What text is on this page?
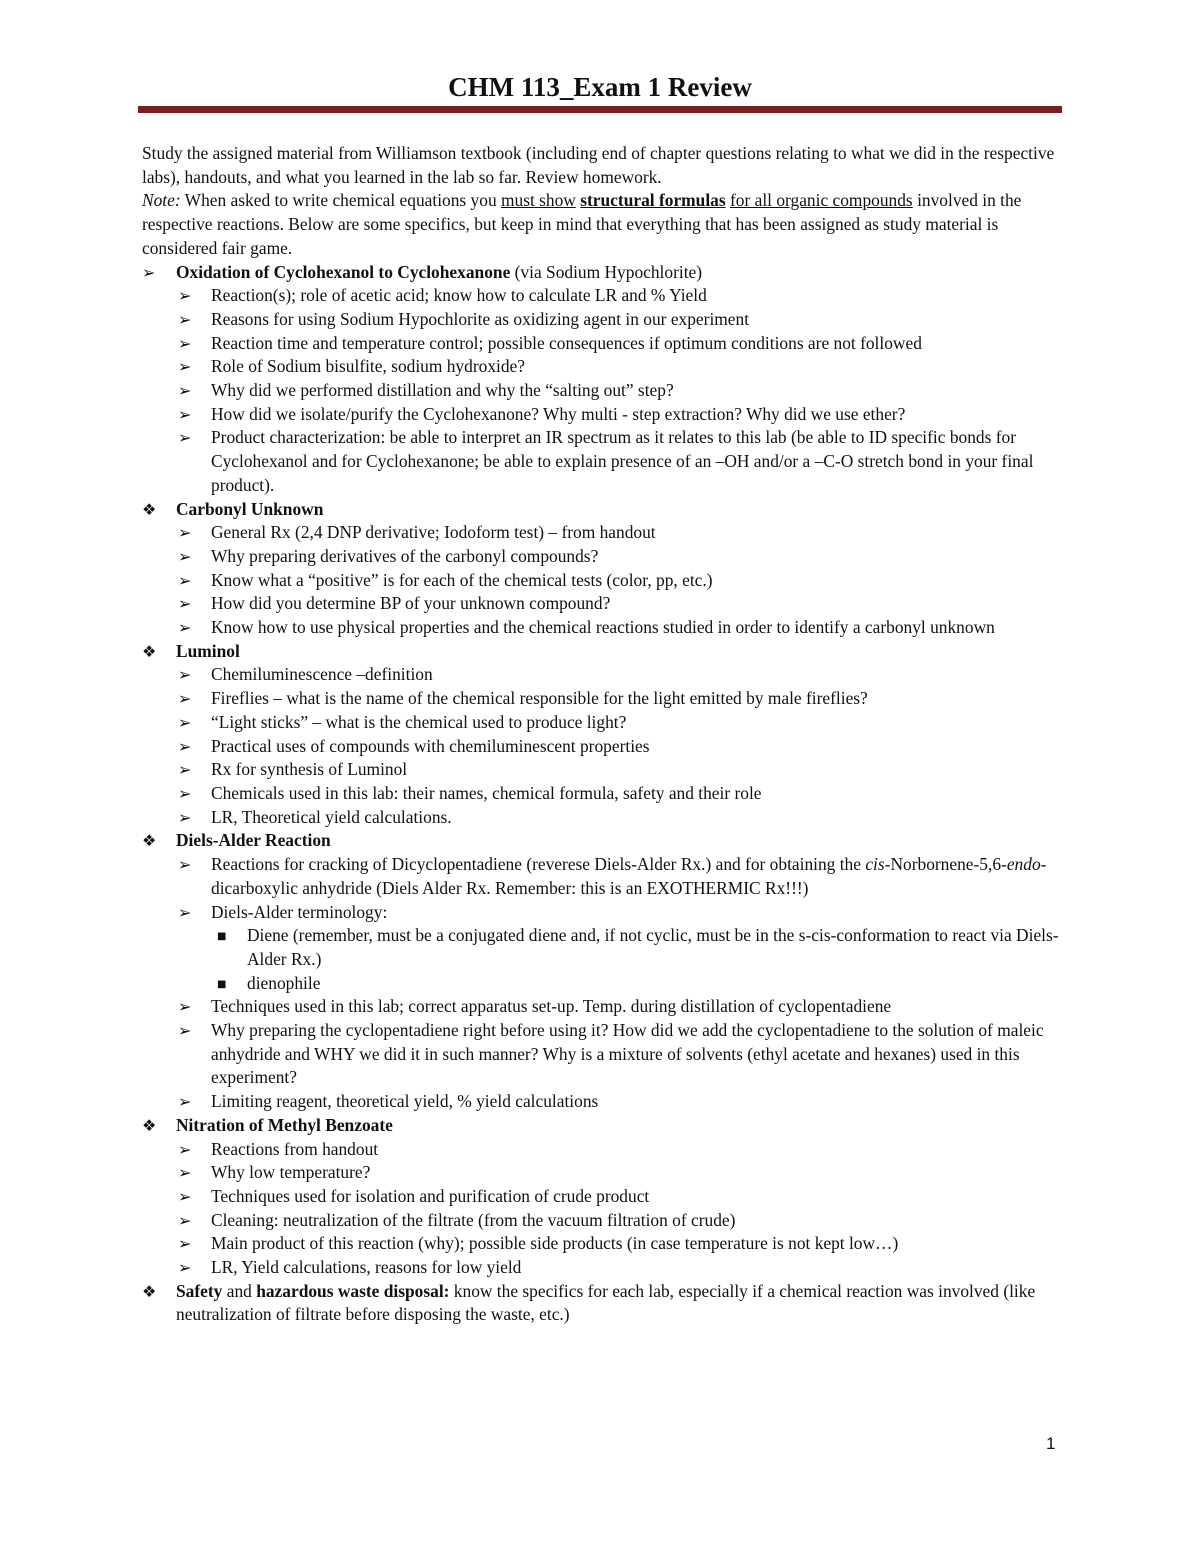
CHM 113_Exam 1 Review

Study the assigned material from Williamson textbook (including end of chapter questions relating to what we did in the respective labs), handouts, and what you learned in the lab so far. Review homework.
Note: When asked to write chemical equations you must show structural formulas for all organic compounds involved in the respective reactions. Below are some specifics, but keep in mind that everything that has been assigned as study material is considered fair game.

➢	Oxidation of Cyclohexanol to Cyclohexanone (via Sodium Hypochlorite)
➢	Reaction(s); role of acetic acid; know how to calculate LR and % Yield
➢	Reasons for using Sodium Hypochlorite as oxidizing agent in our experiment
➢	Reaction time and temperature control; possible consequences if optimum conditions are not followed
➢	Role of Sodium bisulfite, sodium hydroxide?
➢	Why did we performed distillation and why the “salting out” step?
➢	How did we isolate/purify the Cyclohexanone? Why multi - step extraction? Why did we use ether?
➢	Product characterization: be able to interpret an IR spectrum as it relates to this lab (be able to ID specific bonds for Cyclohexanol and for Cyclohexanone; be able to explain presence of an –OH and/or a –C-O stretch bond in your final product).
❖	Carbonyl Unknown
➢	General Rx (2,4 DNP derivative; Iodoform test) – from handout
➢	Why preparing derivatives of the carbonyl compounds?
➢	Know what a “positive” is for each of the chemical tests (color, pp, etc.)
➢	How did you determine BP of your unknown compound?
➢	Know how to use physical properties and the chemical reactions studied in order to identify a carbonyl unknown
❖	Luminol
➢	Chemiluminescence –definition
➢	Fireflies – what is the name of the chemical responsible for the light emitted by male fireflies?
➢	“Light sticks” – what is the chemical used to produce light?
➢	Practical uses of compounds with chemiluminescent properties
➢	Rx for synthesis of Luminol
➢	Chemicals used in this lab: their names, chemical formula, safety and their role
➢	LR, Theoretical yield calculations.
❖	Diels-Alder Reaction
➢	Reactions for cracking of Dicyclopentadiene (reverese Diels-Alder Rx.) and for obtaining the cis-Norbornene-5,6-endo-dicarboxylic anhydride (Diels Alder Rx. Remember: this is an EXOTHERMIC Rx!!!)
➢	Diels-Alder terminology:
■	Diene (remember, must be a conjugated diene and, if not cyclic, must be in the s-cis-conformation to react via Diels-Alder Rx.)
■	dienophile
➢	Techniques used in this lab; correct apparatus set-up. Temp. during distillation of cyclopentadiene
➢	Why preparing the cyclopentadiene right before using it? How did we add the cyclopentadiene to the solution of maleic anhydride and WHY we did it in such manner? Why is a mixture of solvents (ethyl acetate and hexanes) used in this experiment?
➢	Limiting reagent, theoretical yield, % yield calculations
❖	Nitration of Methyl Benzoate
➢	Reactions from handout
➢	Why low temperature?
➢	Techniques used for isolation and purification of crude product
➢	Cleaning: neutralization of the filtrate (from the vacuum filtration of crude)
➢	Main product of this reaction (why); possible side products (in case temperature is not kept low…)
➢	LR, Yield calculations, reasons for low yield
❖	Safety and hazardous waste disposal: know the specifics for each lab, especially if a chemical reaction was involved (like neutralization of filtrate before disposing the waste, etc.)
1
